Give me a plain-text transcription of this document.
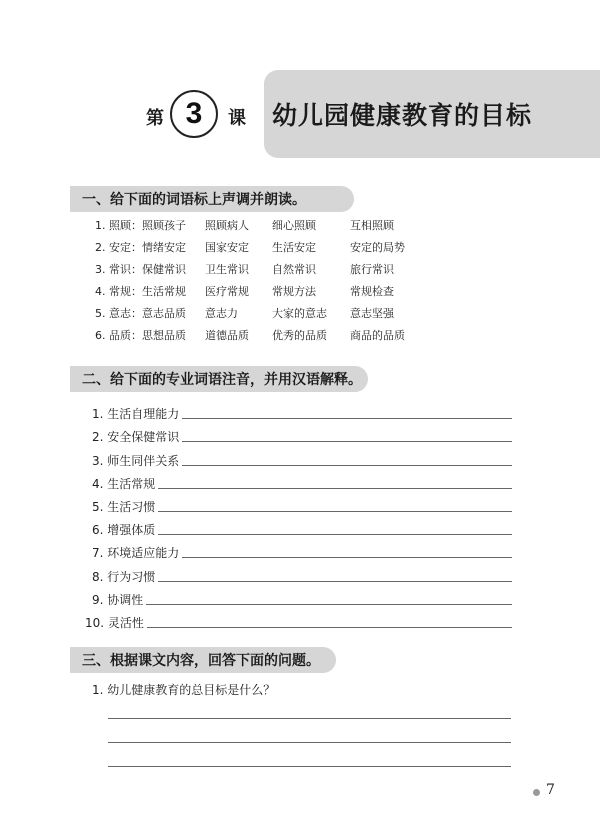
第 3	课 幼儿园健康教育的目标
一、给下面的词语标上声调并朗读。
1. 照顾：照顾孩子	照顾病人	细心照顾	互相照顾
2. 安定：情绪安定	国家安定	生活安定	安定的局势
3. 常识：保健常识	卫生常识	自然常识	旅行常识
4. 常规：生活常规	医疗常规	常规方法	常规检查
5. 意志：意志品质	意志力	大家的意志	意志坚强
6. 品质：思想品质	道德品质	优秀的品质	商品的品质
二、给下面的专业词语注音，并用汉语解释。
1. 生活自理能力
2. 安全保健常识
3. 师生同伴关系
4. 生活常规
5. 生活习惯
6. 增强体质
7. 环境适应能力
8. 行为习惯
9. 协调性
10. 灵活性
三、根据课文内容，回答下面的问题。
1. 幼儿健康教育的总目标是什么？
7
